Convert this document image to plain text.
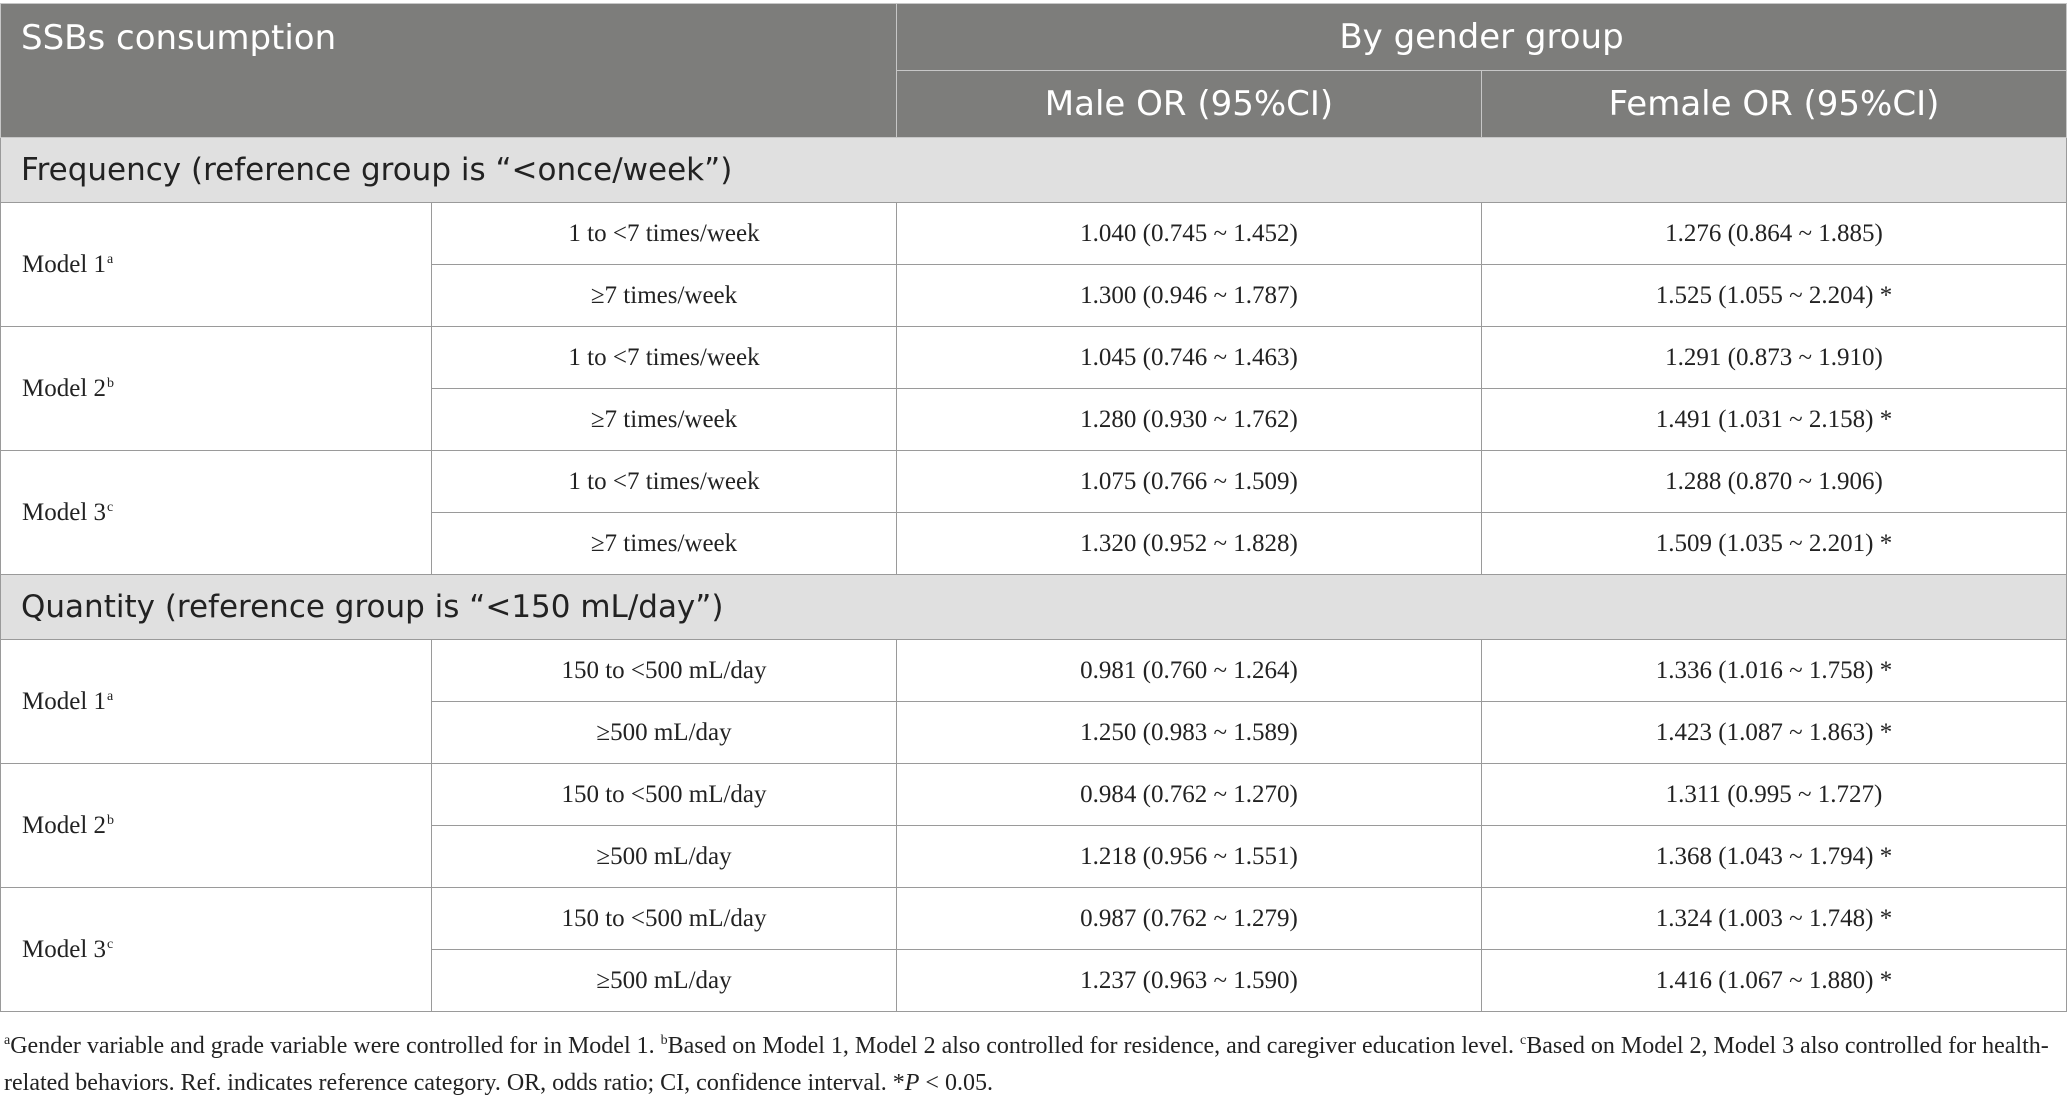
SSBs consumption		By gender group	
		Male OR (95%CI)	Female OR (95%CI)
Frequency (reference group is “<once/week”)			
Model 1$^a$	1 to <7 times/week	1.040 (0.745 ~ 1.452)	1.276 (0.864 ~ 1.885)
	≥7 times/week	1.300 (0.946 ~ 1.787)	1.525 (1.055 ~ 2.204) *
Model 2$^b$	1 to <7 times/week	1.045 (0.746 ~ 1.463)	1.291 (0.873 ~ 1.910)
	≥7 times/week	1.280 (0.930 ~ 1.762)	1.491 (1.031 ~ 2.158) *
Model 3$^c$	1 to <7 times/week	1.075 (0.766 ~ 1.509)	1.288 (0.870 ~ 1.906)
	≥7 times/week	1.320 (0.952 ~ 1.828)	1.509 (1.035 ~ 2.201) *
Quantity (reference group is “<150 mL/day”)			
Model 1$^a$	150 to <500 mL/day	0.981 (0.760 ~ 1.264)	1.336 (1.016 ~ 1.758) *
	≥500 mL/day	1.250 (0.983 ~ 1.589)	1.423 (1.087 ~ 1.863) *
Model 2$^b$	150 to <500 mL/day	0.984 (0.762 ~ 1.270)	1.311 (0.995 ~ 1.727)
	≥500 mL/day	1.218 (0.956 ~ 1.551)	1.368 (1.043 ~ 1.794) *
Model 3$^c$	150 to <500 mL/day	0.987 (0.762 ~ 1.279)	1.324 (1.003 ~ 1.748) *
	≥500 mL/day	1.237 (0.963 ~ 1.590)	1.416 (1.067 ~ 1.880) *
$^a$Gender variable and grade variable were controlled for in Model 1. $^b$Based on Model 1, Model 2 also controlled for residence, and caregiver education level. $^c$Based on Model 2, Model 3 also controlled for health-related behaviors. Ref. indicates reference category. OR, odds ratio; CI, confidence interval. *P < 0.05.
